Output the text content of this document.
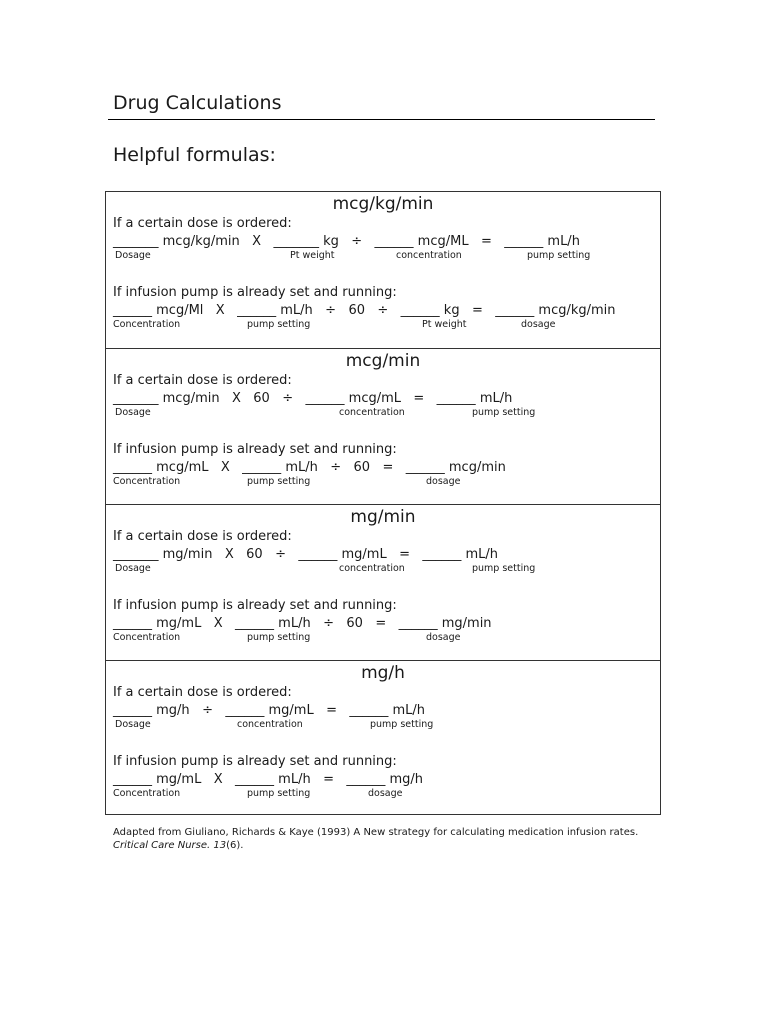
Drug Calculations
Helpful formulas:
mcg/kg/min
If a certain dose is ordered:
_______ mcg/kg/min   X   _______ kg   ÷   ______ mcg/ML   =   ______ mL/h
Dosage	Pt weight	concentration	pump setting
If infusion pump is already set and running:
______ mcg/Ml   X   ______ mL/h   ÷   60   ÷   ______ kg   =   ______ mcg/kg/min
Concentration	pump setting	Pt weight	dosage
mcg/min
If a certain dose is ordered:
_______ mcg/min   X   60   ÷   ______ mcg/mL   =   ______ mL/h
Dosage	concentration	pump setting
If infusion pump is already set and running:
______ mcg/mL   X   ______ mL/h   ÷   60   =   ______ mcg/min
Concentration	pump setting	dosage
mg/min
If a certain dose is ordered:
_______ mg/min   X   60   ÷   ______ mg/mL   =   ______ mL/h
Dosage	concentration	pump setting
If infusion pump is already set and running:
______ mg/mL   X   ______ mL/h   ÷   60   =   ______ mg/min
Concentration	pump setting	dosage
mg/h
If a certain dose is ordered:
______ mg/h   ÷   ______ mg/mL   =   ______ mL/h
Dosage	concentration	pump setting
If infusion pump is already set and running:
______ mg/mL   X   ______ mL/h   =   ______ mg/h
Concentration	pump setting	dosage
Adapted from Giuliano, Richards & Kaye (1993) A New strategy for calculating medication infusion rates.
Critical Care Nurse. 13(6).
